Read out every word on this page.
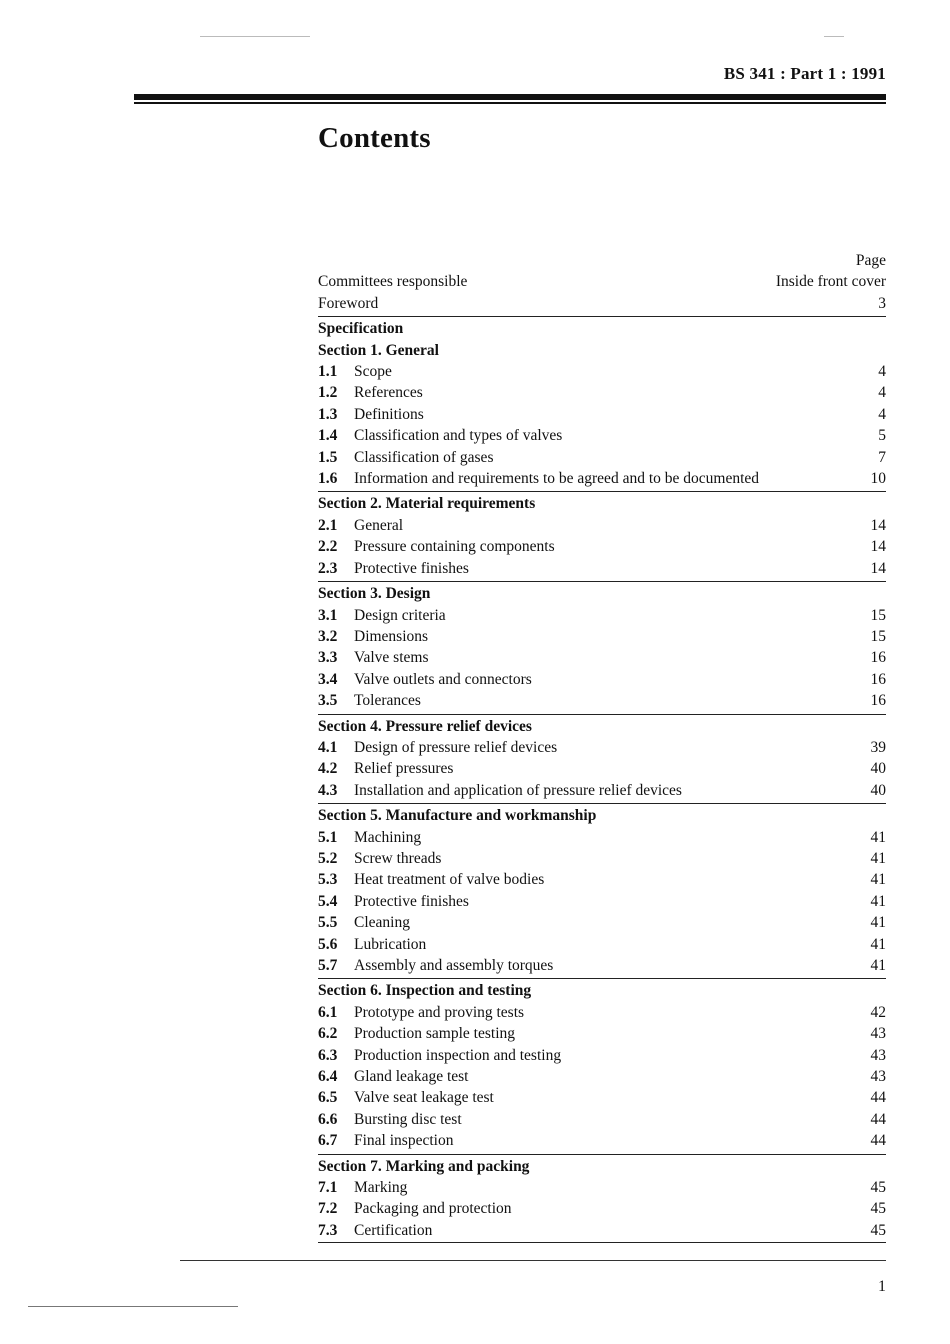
BS 341 : Part 1 : 1991
Contents
Page
Committees responsible	Inside front cover
Foreword	3
Specification
Section 1. General
1.1 Scope	4
1.2 References	4
1.3 Definitions	4
1.4 Classification and types of valves	5
1.5 Classification of gases	7
1.6 Information and requirements to be agreed and to be documented	10
Section 2. Material requirements
2.1 General	14
2.2 Pressure containing components	14
2.3 Protective finishes	14
Section 3. Design
3.1 Design criteria	15
3.2 Dimensions	15
3.3 Valve stems	16
3.4 Valve outlets and connectors	16
3.5 Tolerances	16
Section 4. Pressure relief devices
4.1 Design of pressure relief devices	39
4.2 Relief pressures	40
4.3 Installation and application of pressure relief devices	40
Section 5. Manufacture and workmanship
5.1 Machining	41
5.2 Screw threads	41
5.3 Heat treatment of valve bodies	41
5.4 Protective finishes	41
5.5 Cleaning	41
5.6 Lubrication	41
5.7 Assembly and assembly torques	41
Section 6. Inspection and testing
6.1 Prototype and proving tests	42
6.2 Production sample testing	43
6.3 Production inspection and testing	43
6.4 Gland leakage test	43
6.5 Valve seat leakage test	44
6.6 Bursting disc test	44
6.7 Final inspection	44
Section 7. Marking and packing
7.1 Marking	45
7.2 Packaging and protection	45
7.3 Certification	45
1
